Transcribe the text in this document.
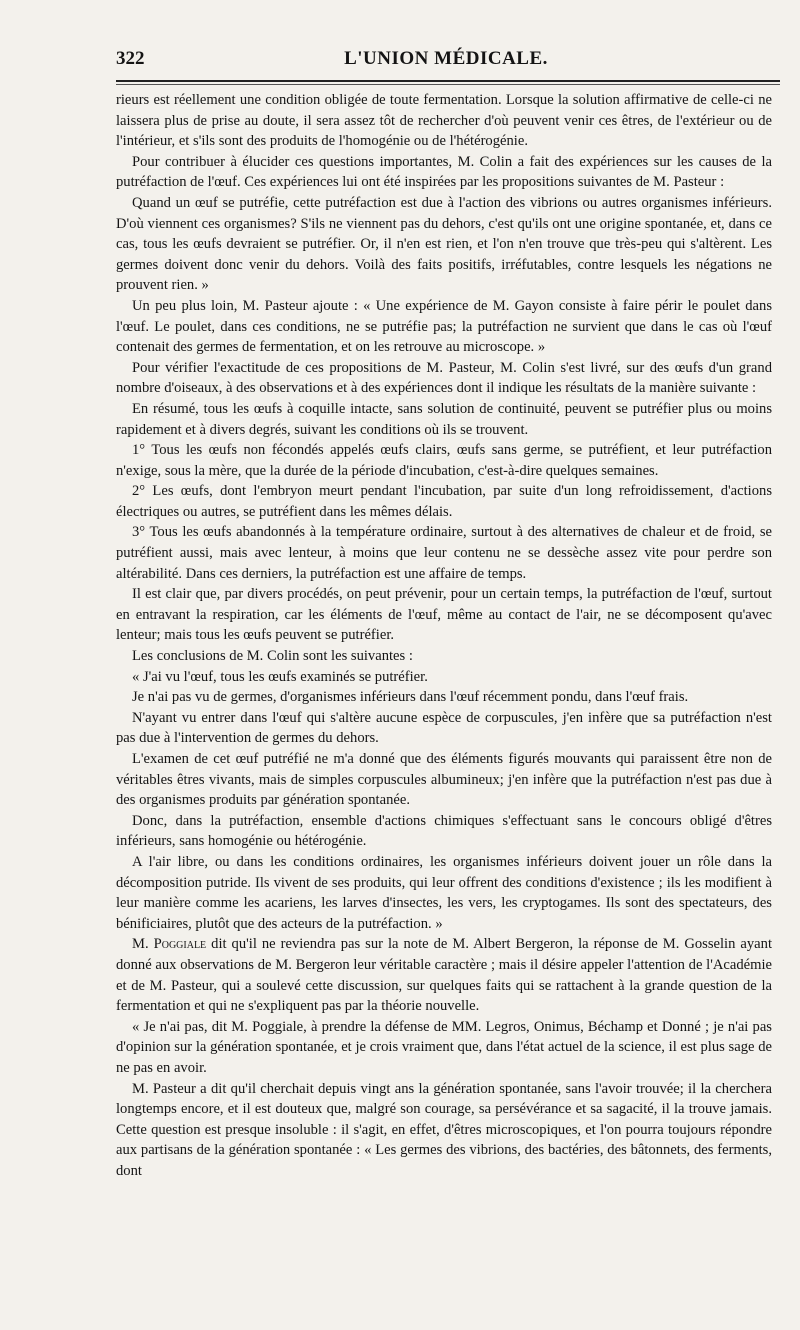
322	L'UNION MÉDICALE.

rieurs est réellement une condition obligée de toute fermentation. Lorsque la solution affirmative de celle-ci ne laissera plus de prise au doute, il sera assez tôt de rechercher d'où peuvent venir ces êtres, de l'extérieur ou de l'intérieur, et s'ils sont des produits de l'homogénie ou de l'hétérogénie.

Pour contribuer à élucider ces questions importantes, M. Colin a fait des expériences sur les causes de la putréfaction de l'œuf. Ces expériences lui ont été inspirées par les propositions suivantes de M. Pasteur :

Quand un œuf se putréfie, cette putréfaction est due à l'action des vibrions ou autres organismes inférieurs. D'où viennent ces organismes? S'ils ne viennent pas du dehors, c'est qu'ils ont une origine spontanée, et, dans ce cas, tous les œufs devraient se putréfier. Or, il n'en est rien, et l'on n'en trouve que très-peu qui s'altèrent. Les germes doivent donc venir du dehors. Voilà des faits positifs, irréfutables, contre lesquels les négations ne prouvent rien. »

Un peu plus loin, M. Pasteur ajoute : « Une expérience de M. Gayon consiste à faire périr le poulet dans l'œuf. Le poulet, dans ces conditions, ne se putréfie pas; la putréfaction ne survient que dans le cas où l'œuf contenait des germes de fermentation, et on les retrouve au microscope. »

Pour vérifier l'exactitude de ces propositions de M. Pasteur, M. Colin s'est livré, sur des œufs d'un grand nombre d'oiseaux, à des observations et à des expériences dont il indique les résultats de la manière suivante :

En résumé, tous les œufs à coquille intacte, sans solution de continuité, peuvent se putréfier plus ou moins rapidement et à divers degrés, suivant les conditions où ils se trouvent.

1° Tous les œufs non fécondés appelés œufs clairs, œufs sans germe, se putréfient, et leur putréfaction n'exige, sous la mère, que la durée de la période d'incubation, c'est-à-dire quelques semaines.

2° Les œufs, dont l'embryon meurt pendant l'incubation, par suite d'un long refroidissement, d'actions électriques ou autres, se putréfient dans les mêmes délais.

3° Tous les œufs abandonnés à la température ordinaire, surtout à des alternatives de chaleur et de froid, se putréfient aussi, mais avec lenteur, à moins que leur contenu ne se dessèche assez vite pour perdre son altérabilité. Dans ces derniers, la putréfaction est une affaire de temps.

Il est clair que, par divers procédés, on peut prévenir, pour un certain temps, la putréfaction de l'œuf, surtout en entravant la respiration, car les éléments de l'œuf, même au contact de l'air, ne se décomposent qu'avec lenteur; mais tous les œufs peuvent se putréfier.

Les conclusions de M. Colin sont les suivantes :

« J'ai vu l'œuf, tous les œufs examinés se putréfier.

Je n'ai pas vu de germes, d'organismes inférieurs dans l'œuf récemment pondu, dans l'œuf frais.

N'ayant vu entrer dans l'œuf qui s'altère aucune espèce de corpuscules, j'en infère que sa putréfaction n'est pas due à l'intervention de germes du dehors.

L'examen de cet œuf putréfié ne m'a donné que des éléments figurés mouvants qui paraissent être non de véritables êtres vivants, mais de simples corpuscules albumineux; j'en infère que la putréfaction n'est pas due à des organismes produits par génération spontanée.

Donc, dans la putréfaction, ensemble d'actions chimiques s'effectuant sans le concours obligé d'êtres inférieurs, sans homogénie ou hétérogénie.

A l'air libre, ou dans les conditions ordinaires, les organismes inférieurs doivent jouer un rôle dans la décomposition putride. Ils vivent de ses produits, qui leur offrent des conditions d'existence ; ils les modifient à leur manière comme les acariens, les larves d'insectes, les vers, les cryptogames. Ils sont des spectateurs, des bénificiaires, plutôt que des acteurs de la putréfaction. »

M. Poggiale dit qu'il ne reviendra pas sur la note de M. Albert Bergeron, la réponse de M. Gosselin ayant donné aux observations de M. Bergeron leur véritable caractère ; mais il désire appeler l'attention de l'Académie et de M. Pasteur, qui a soulevé cette discussion, sur quelques faits qui se rattachent à la grande question de la fermentation et qui ne s'expliquent pas par la théorie nouvelle.

« Je n'ai pas, dit M. Poggiale, à prendre la défense de MM. Legros, Onimus, Béchamp et Donné ; je n'ai pas d'opinion sur la génération spontanée, et je crois vraiment que, dans l'état actuel de la science, il est plus sage de ne pas en avoir.

M. Pasteur a dit qu'il cherchait depuis vingt ans la génération spontanée, sans l'avoir trouvée; il la cherchera longtemps encore, et il est douteux que, malgré son courage, sa persévérance et sa sagacité, il la trouve jamais. Cette question est presque insoluble : il s'agit, en effet, d'êtres microscopiques, et l'on pourra toujours répondre aux partisans de la génération spontanée : « Les germes des vibrions, des bactéries, des bâtonnets, des ferments, dont
